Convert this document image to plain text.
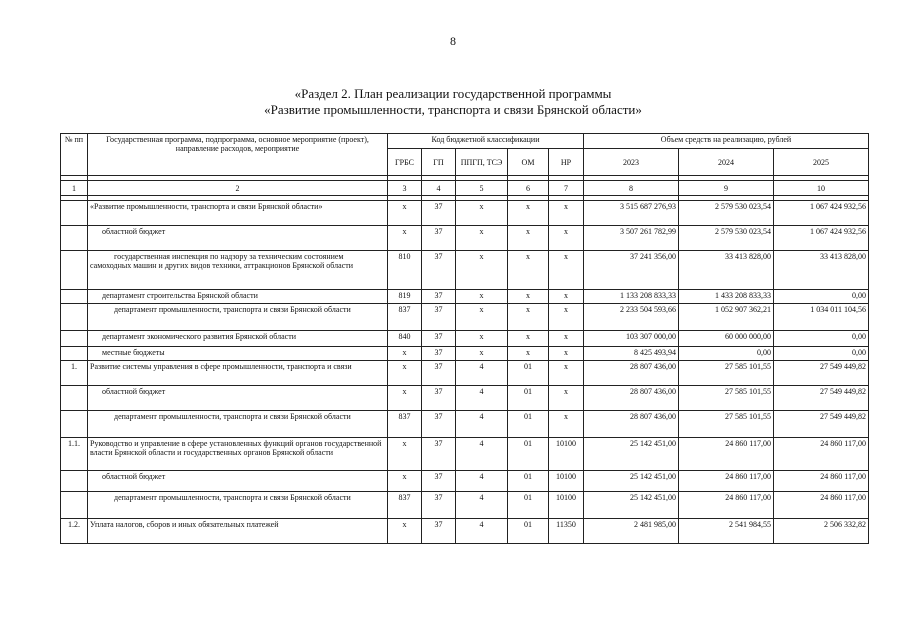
8
«Раздел 2. План реализации государственной программы
«Развитие промышленности, транспорта и связи Брянской области»
№ пп	Государственная программа, подпрограмма, основное мероприятие (проект), направление расходов, мероприятие	Код бюджетной классификации					Объем средств на реализацию, рублей		
		ГРБС	ГП	ППГП, ТСЭ	ОМ	НР	2023	2024	2025

1	2	3	4	5	6	7	8	9	10

	«Развитие промышленности, транспорта и связи Брянской области»	х	37	х	х	х	3 515 687 276,93	2 579 530 023,54	1 067 424 932,56
	областной бюджет	х	37	х	х	х	3 507 261 782,99	2 579 530 023,54	1 067 424 932,56
	государственная инспекция по надзору за техническим состоянием самоходных машин и других видов техники, аттракционов Брянской области	810	37	х	х	х	37 241 356,00	33 413 828,00	33 413 828,00
	департамент строительства Брянской области	819	37	х	х	х	1 133 208 833,33	1 433 208 833,33	0,00
	департамент промышленности, транспорта и связи Брянской области	837	37	х	х	х	2 233 504 593,66	1 052 907 362,21	1 034 011 104,56
	департамент экономического развития Брянской области	840	37	х	х	х	103 307 000,00	60 000 000,00	0,00
	местные бюджеты	х	37	х	х	х	8 425 493,94	0,00	0,00
1.	Развитие системы управления в сфере промышленности, транспорта и связи	х	37	4	01	х	28 807 436,00	27 585 101,55	27 549 449,82
	областной бюджет	х	37	4	01	х	28 807 436,00	27 585 101,55	27 549 449,82
	департамент промышленности, транспорта и связи Брянской области	837	37	4	01	х	28 807 436,00	27 585 101,55	27 549 449,82
1.1.	Руководство и управление в сфере установленных функций органов государственной власти Брянской области и государственных органов Брянской области	х	37	4	01	10100	25 142 451,00	24 860 117,00	24 860 117,00
	областной бюджет	х	37	4	01	10100	25 142 451,00	24 860 117,00	24 860 117,00
	департамент промышленности, транспорта и связи Брянской области	837	37	4	01	10100	25 142 451,00	24 860 117,00	24 860 117,00
1.2.	Уплата налогов, сборов и иных обязательных платежей	х	37	4	01	11350	2 481 985,00	2 541 984,55	2 506 332,82
